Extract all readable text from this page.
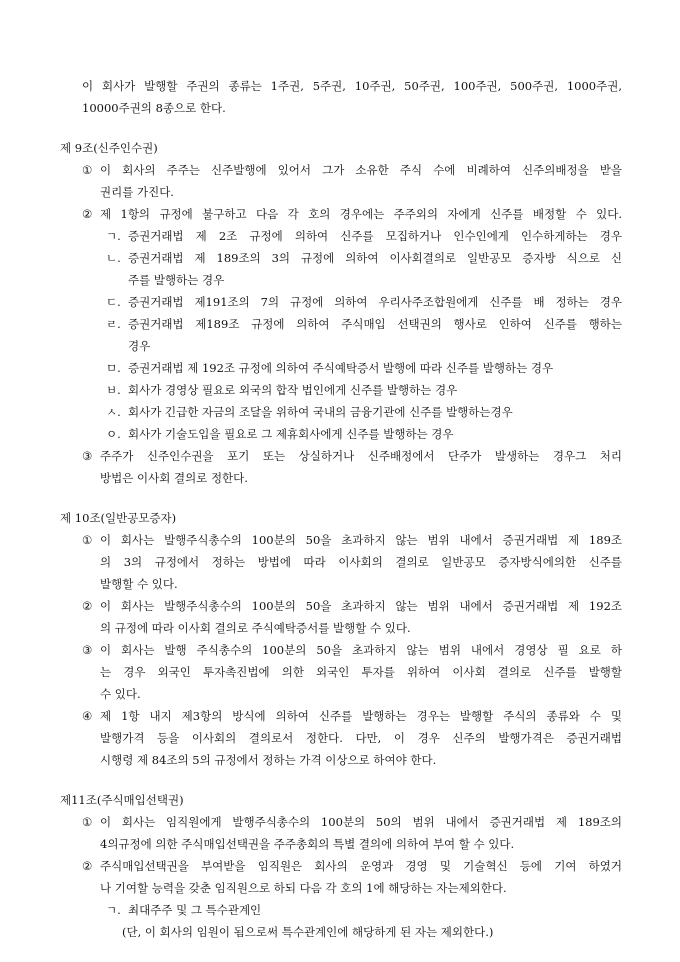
이 회사가 발행할 주권의 종류는 1주권, 5주권, 10주권, 50주권, 100주권, 500주권, 1000주권,
10000주권의 8종으로 한다.
제 9조(신주인수권)
① 이 회사의 주주는 신주발행에 있어서 그가 소유한 주식 수에 비례하여 신주의배정을 받을
권리를 가진다.
② 제 1항의 규정에 불구하고 다음 각 호의 경우에는 주주외의 자에게 신주를 배정할 수 있다.
ㄱ. 증권거래법 제 2조 규정에 의하여 신주를 모집하거나 인수인에게 인수하게하는 경우
ㄴ. 증권거래법 제 189조의 3의 규정에 의하여 이사회결의로 일반공모 증자방 식으로 신
주를 발행하는 경우
ㄷ. 증권거래법 제191조의 7의 규정에 의하여 우리사주조합원에게 신주를 배 정하는 경우
ㄹ. 증권거래법 제189조 규정에 의하여 주식매입 선택권의 행사로 인하여 신주를 행하는
경우
ㅁ. 증권거래법 제 192조 규정에 의하여 주식예탁증서 발행에 따라 신주를 발행하는 경우
ㅂ. 회사가 경영상 필요로 외국의 합작 법인에게 신주를 발행하는 경우
ㅅ. 회사가 긴급한 자금의 조달을 위하여 국내의 금융기관에 신주를 발행하는경우
ㅇ. 회사가 기술도입을 필요로 그 제휴회사에게 신주를 발행하는 경우
③ 주주가 신주인수권을 포기 또는 상실하거나 신주배정에서 단주가 발생하는 경우그 처리
방법은 이사회 결의로 정한다.
제 10조(일반공모증자)
① 이 회사는 발행주식총수의 100분의 50을 초과하지 않는 범위 내에서 증권거래법 제 189조
의 3의 규정에서 정하는 방법에 따라 이사회의 결의로 일반공모 증자방식에의한 신주를
발행할 수 있다.
② 이 회사는 발행주식총수의 100분의 50을 초과하지 않는 범위 내에서 증권거래법 제 192조
의 규정에 따라 이사회 결의로 주식예탁증서를 발행할 수 있다.
③ 이 회사는 발행 주식총수의 100분의 50을 초과하지 않는 범위 내에서 경영상 필 요로 하
는 경우 외국인 투자촉진법에 의한 외국인 투자를 위하여 이사회 결의로 신주를 발행할
수 있다.
④ 제 1항 내지 제3항의 방식에 의하여 신주를 발행하는 경우는 발행할 주식의 종류와 수 및
발행가격 등을 이사회의 결의로서 정한다. 다만, 이 경우 신주의 발행가격은 증권거래법
시행령 제 84조의 5의 규정에서 정하는 가격 이상으로 하여야 한다.
제11조(주식매입선택권)
① 이 회사는 임직원에게 발행주식총수의 100분의 50의 범위 내에서 증권거래법 제 189조의
4의규정에 의한 주식매입선택권을 주주총회의 특별 결의에 의하여 부여 할 수 있다.
② 주식매입선택권을 부여받을 임직원은 회사의 운영과 경영 및 기술혁신 등에 기여 하였거
나 기여할 능력을 갖춘 임직원으로 하되 다음 각 호의 1에 해당하는 자는제외한다.
ㄱ. 최대주주 및 그 특수관계인
(단, 이 회사의 임원이 됨으로써 특수관계인에 해당하게 된 자는 제외한다.)
